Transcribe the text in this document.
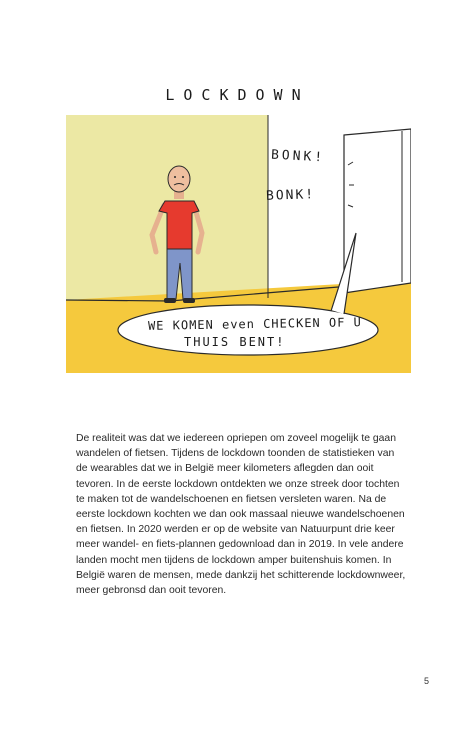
LOCKDOWN
BONK!
BONK!
WE KOMEN even CHECKEN OF U
THUIS BENT!

De realiteit was dat we iedereen opriepen om zoveel mogelijk te gaan wandelen of fietsen. Tijdens de lockdown toonden de statistieken van de wearables dat we in België meer kilometers aflegden dan ooit tevoren. In de eerste lockdown ontdekten we onze streek door tochten te maken tot de wandelschoenen en fietsen versleten waren. Na de eerste lockdown kochten we dan ook massaal nieuwe wandelschoenen en fietsen. In 2020 werden er op de website van Natuurpunt drie keer meer wandel- en fiets-plannen gedownload dan in 2019. In vele andere landen mocht men tijdens de lockdown amper buitenshuis komen. In België waren de mensen, mede dankzij het schitterende lockdownweer, meer gebronsd dan ooit tevoren.

5
